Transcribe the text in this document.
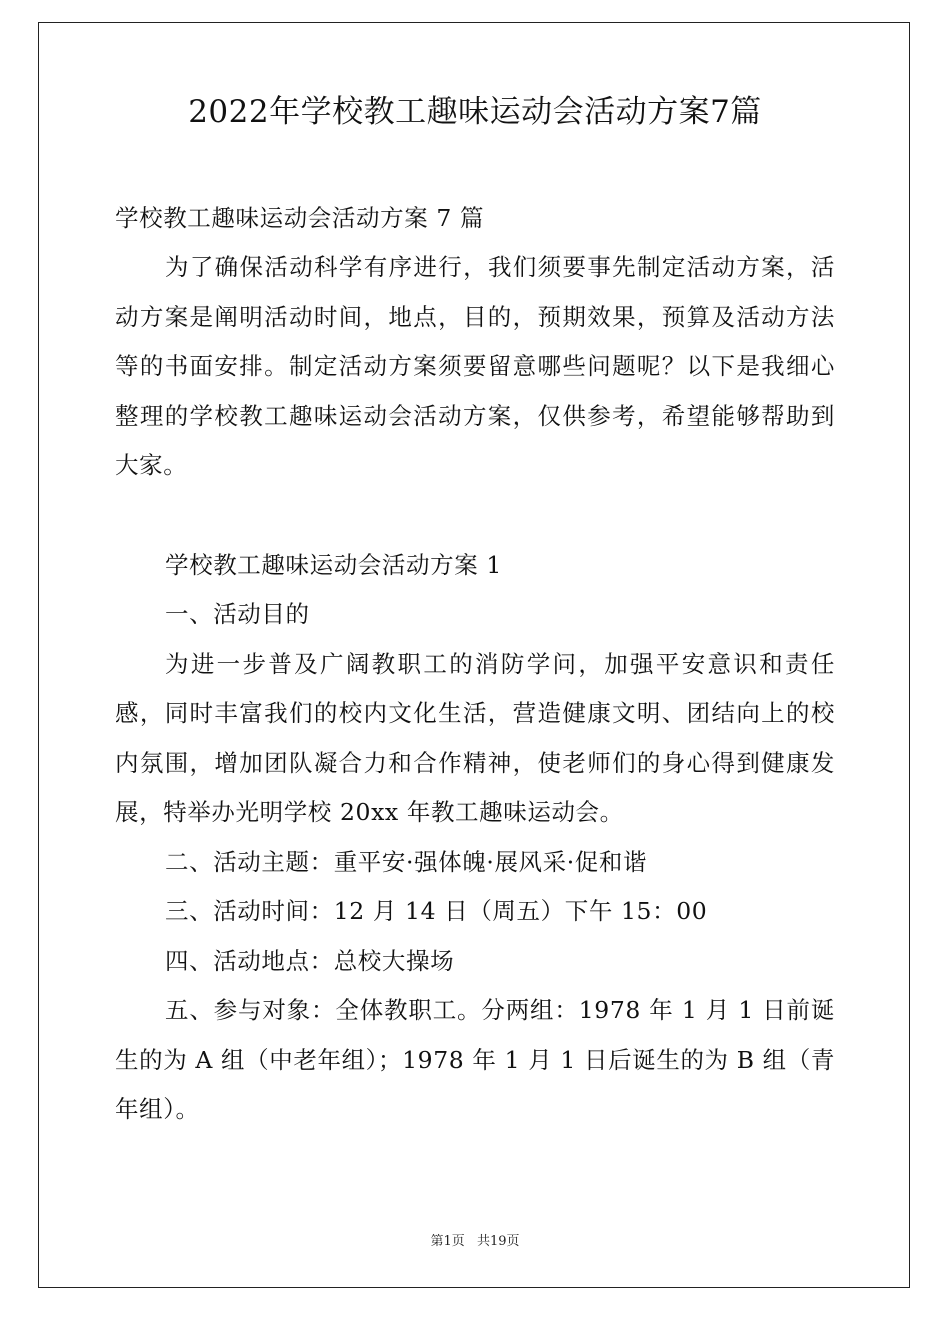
2022年学校教工趣味运动会活动方案7篇

学校教工趣味运动会活动方案 7 篇

为了确保活动科学有序进行，我们须要事先制定活动方案，活动方案是阐明活动时间，地点，目的，预期效果，预算及活动方法等的书面安排。制定活动方案须要留意哪些问题呢？以下是我细心整理的学校教工趣味运动会活动方案，仅供参考，希望能够帮助到大家。

学校教工趣味运动会活动方案 1

一、活动目的

为进一步普及广阔教职工的消防学问，加强平安意识和责任感，同时丰富我们的校内文化生活，营造健康文明、团结向上的校内氛围，增加团队凝合力和合作精神，使老师们的身心得到健康发展，特举办光明学校 20xx 年教工趣味运动会。

二、活动主题：重平安·强体魄·展风采·促和谐

三、活动时间：12 月 14 日（周五）下午 15：00

四、活动地点：总校大操场

五、参与对象：全体教职工。分两组：1978 年 1 月 1 日前诞生的为 A 组（中老年组）；1978 年 1 月 1 日后诞生的为 B 组（青年组）。

第1页 共19页
